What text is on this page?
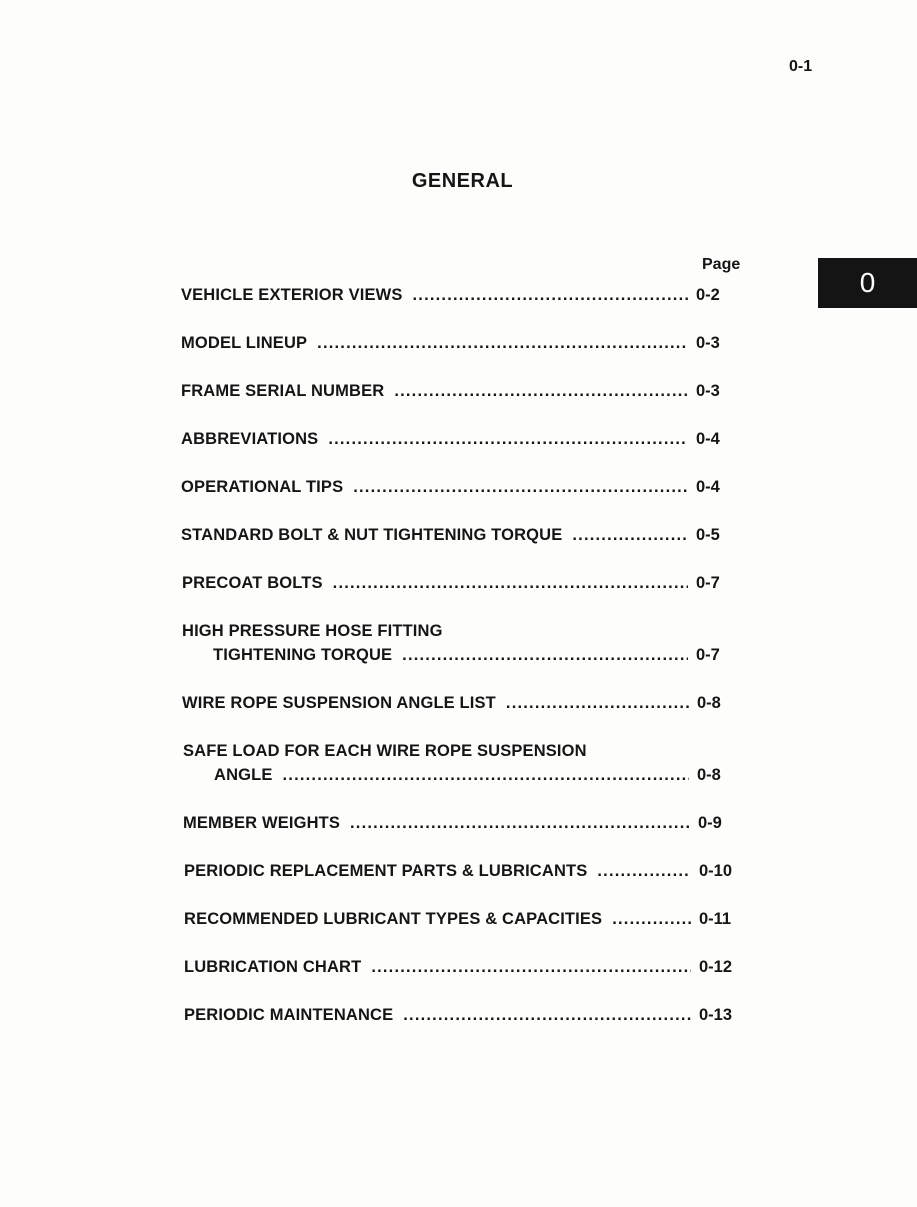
0-1
GENERAL
Page
0
VEHICLE EXTERIOR VIEWS .....	0-2
MODEL LINEUP .....	0-3
FRAME SERIAL NUMBER .....	0-3
ABBREVIATIONS .....	0-4
OPERATIONAL TIPS .....	0-4
STANDARD BOLT & NUT TIGHTENING TORQUE .....	0-5
PRECOAT BOLTS .....	0-7
HIGH PRESSURE HOSE FITTING
TIGHTENING TORQUE .....	0-7
WIRE ROPE SUSPENSION ANGLE LIST .....	0-8
SAFE LOAD FOR EACH WIRE ROPE SUSPENSION
ANGLE .....	0-8
MEMBER WEIGHTS .....	0-9
PERIODIC REPLACEMENT PARTS & LUBRICANTS .....	0-10
RECOMMENDED LUBRICANT TYPES & CAPACITIES .....	0-11
LUBRICATION CHART .....	0-12
PERIODIC MAINTENANCE .....	0-13
